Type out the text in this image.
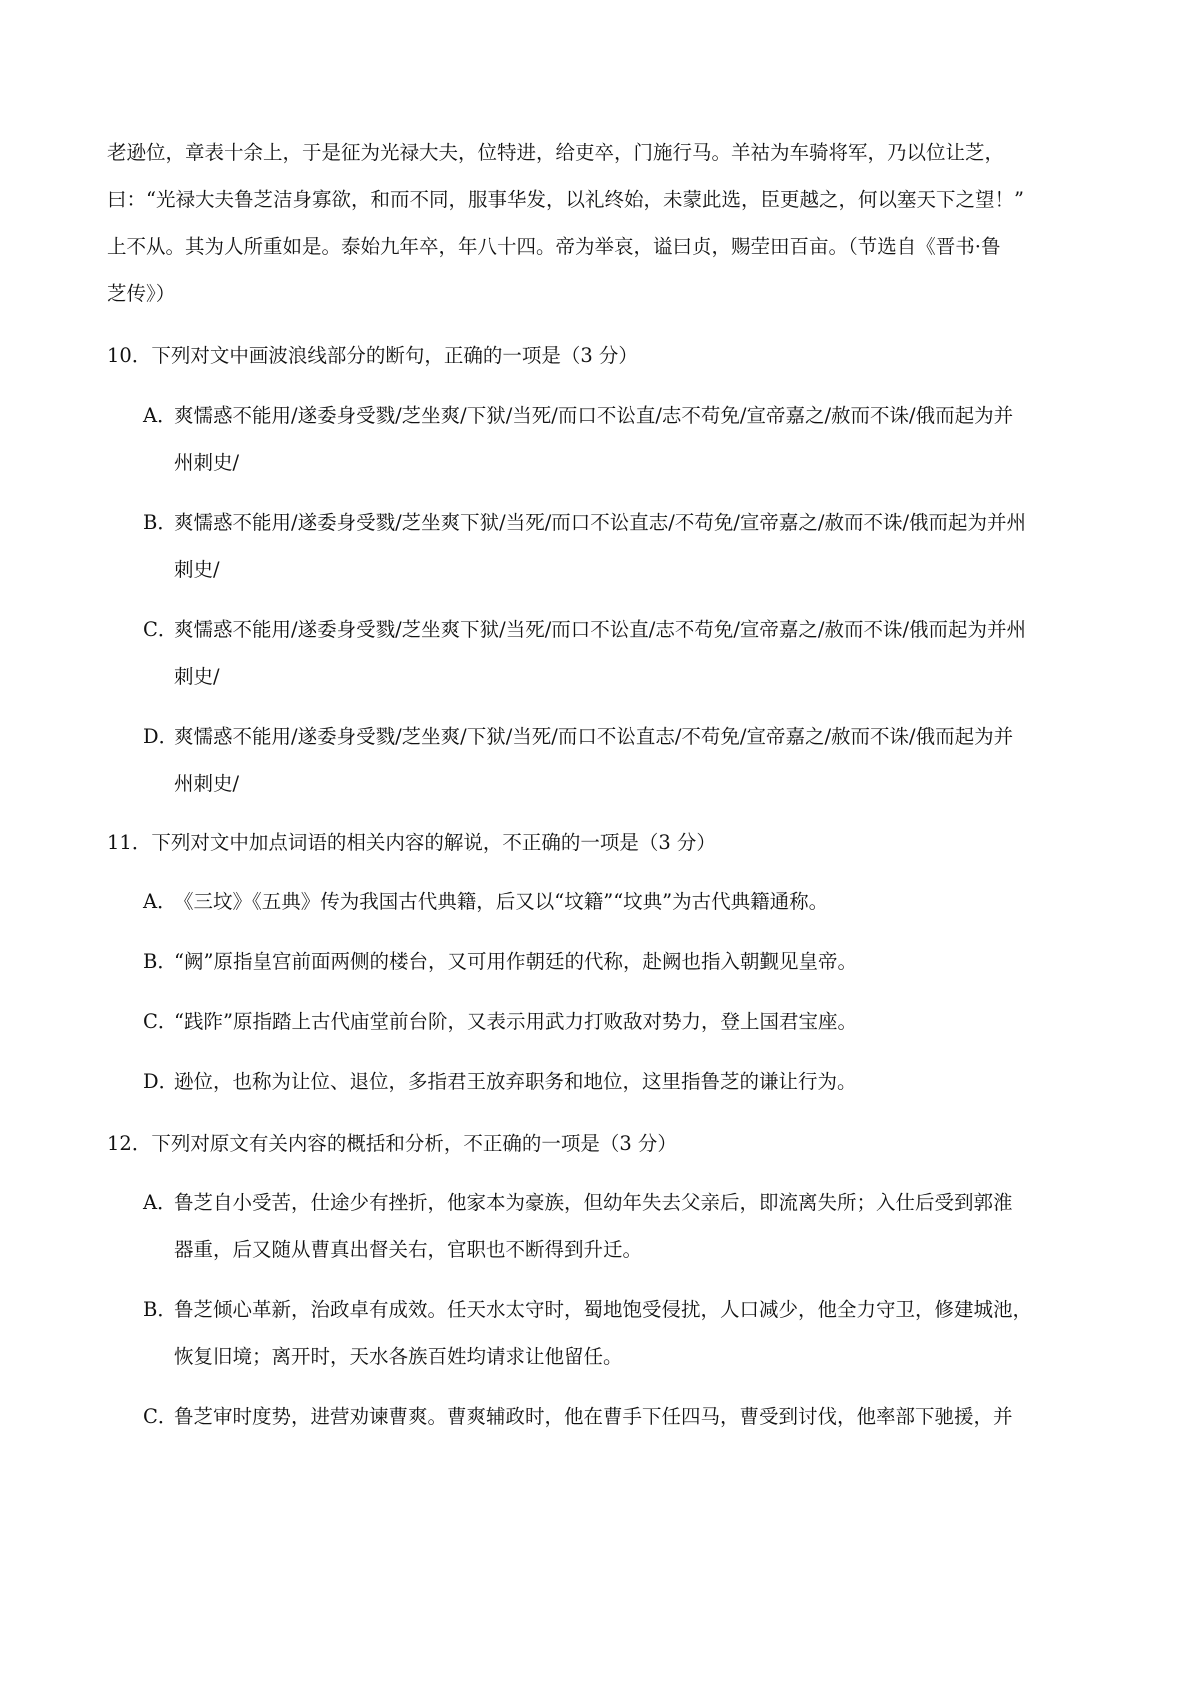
老逊位，章表十余上，于是征为光禄大夫，位特进，给吏卒，门施行马。羊祜为车骑将军，乃以位让芝，
曰：“光禄大夫鲁芝洁身寡欲，和而不同，服事华发，以礼终始，未蒙此选，臣更越之，何以塞天下之望！”
上不从。其为人所重如是。泰始九年卒，年八十四。帝为举哀，谥曰贞，赐茔田百亩。（节选自《晋书·鲁
芝传》）
10．下列对文中画波浪线部分的断句，正确的一项是（3 分）
A．
爽懦惑不能用/遂委身受戮/芝坐爽/下狱/当死/而口不讼直/志不苟免/宣帝嘉之/赦而不诛/俄而起为并
州刺史/
B．
爽懦惑不能用/遂委身受戮/芝坐爽下狱/当死/而口不讼直志/不苟免/宣帝嘉之/赦而不诛/俄而起为并州
刺史/
C．
爽懦惑不能用/遂委身受戮/芝坐爽下狱/当死/而口不讼直/志不苟免/宣帝嘉之/赦而不诛/俄而起为并州
刺史/
D．
爽懦惑不能用/遂委身受戮/芝坐爽/下狱/当死/而口不讼直志/不苟免/宣帝嘉之/赦而不诛/俄而起为并
州刺史/
11．下列对文中加点词语的相关内容的解说，不正确的一项是（3 分）
A．
《三坟》《五典》传为我国古代典籍，后又以“坟籍”“坟典”为古代典籍通称。
B．
“阙”原指皇宫前面两侧的楼台，又可用作朝廷的代称，赴阙也指入朝觐见皇帝。
C．
“践阼”原指踏上古代庙堂前台阶，又表示用武力打败敌对势力，登上国君宝座。
D．
逊位，也称为让位、退位，多指君王放弃职务和地位，这里指鲁芝的谦让行为。
12．下列对原文有关内容的概括和分析，不正确的一项是（3 分）
A．
鲁芝自小受苦，仕途少有挫折，他家本为豪族，但幼年失去父亲后，即流离失所；入仕后受到郭淮
器重，后又随从曹真出督关右，官职也不断得到升迁。
B．
鲁芝倾心革新，治政卓有成效。任天水太守时，蜀地饱受侵扰，人口减少，他全力守卫，修建城池，
恢复旧境；离开时，天水各族百姓均请求让他留任。
C．
鲁芝审时度势，进营劝谏曹爽。曹爽辅政时，他在曹手下任四马，曹受到讨伐，他率部下驰援，并
